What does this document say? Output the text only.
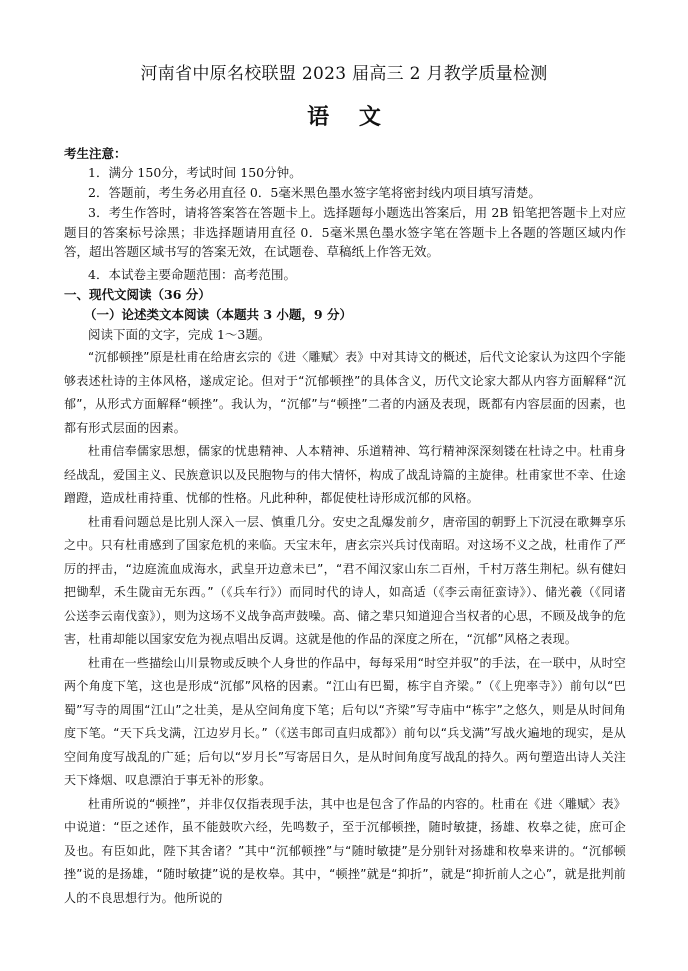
河南省中原名校联盟 2023 届高三 2 月教学质量检测
语 文
考生注意：
1．满分 150分，考试时间 150分钟。
2．答题前，考生务必用直径 0．5毫米黑色墨水签字笔将密封线内项目填写清楚。
3．考生作答时，请将答案答在答题卡上。选择题每小题选出答案后，用 2B 铅笔把答题卡上对应题目的答案标号涂黑；非选择题请用直径 0．5毫米黑色墨水签字笔在答题卡上各题的答题区域内作答，超出答题区域书写的答案无效，在试题卷、草稿纸上作答无效。
4．本试卷主要命题范围：高考范围。
一、现代文阅读（36 分）
（一）论述类文本阅读（本题共 3 小题，9 分）
阅读下面的文字，完成 1～3题。

“沉郁顿挫”原是杜甫在给唐玄宗的《进〈雕赋〉表》中对其诗文的概述，后代文论家认为这四个字能够表述杜诗的主体风格，遂成定论。但对于“沉郁顿挫”的具体含义，历代文论家大都从内容方面解释“沉郁”，从形式方面解释“顿挫”。我认为，“沉郁”与“顿挫”二者的内涵及表现，既都有内容层面的因素，也都有形式层面的因素。

杜甫信奉儒家思想，儒家的忧患精神、人本精神、乐道精神、笃行精神深深刻镂在杜诗之中。杜甫身经战乱，爱国主义、民族意识以及民胞物与的伟大情怀，构成了战乱诗篇的主旋律。杜甫家世不幸、仕途蹭蹬，造成杜甫持重、忧郁的性格。凡此种种，都促使杜诗形成沉郁的风格。

杜甫看问题总是比别人深入一层、慎重几分。安史之乱爆发前夕，唐帝国的朝野上下沉浸在歌舞享乐之中。只有杜甫感到了国家危机的来临。天宝末年，唐玄宗兴兵讨伐南昭。对这场不义之战，杜甫作了严厉的抨击，“边庭流血成海水，武皇开边意未已”，“君不闻汉家山东二百州，千村万落生荆杞。纵有健妇把锄犁，禾生陇亩无东西。”（《兵车行》）而同时代的诗人，如高适（《李云南征蛮诗》）、储光羲（《同诸公送李云南伐蛮》），则为这场不义战争高声鼓噪。高、储之辈只知道迎合当权者的心思，不顾及战争的危害，杜甫却能以国家安危为视点唱出反调。这就是他的作品的深度之所在，“沉郁”风格之表现。

杜甫在一些描绘山川景物或反映个人身世的作品中，每每采用“时空并驭”的手法，在一联中，从时空两个角度下笔，这也是形成“沉郁”风格的因素。“江山有巴蜀，栋宇自齐梁。”（《上兜率寺》）前句以“巴蜀”写寺的周围“江山”之壮美，是从空间角度下笔；后句以“齐梁”写寺庙中“栋宇”之悠久，则是从时间角度下笔。“天下兵戈满，江边岁月长。”（《送韦郎司直归成都》）前句以“兵戈满”写战火遍地的现实，是从空间角度写战乱的广延；后句以“岁月长”写寄居日久，是从时间角度写战乱的持久。两句塑造出诗人关注天下烽烟、叹息漂泊于事无补的形象。

杜甫所说的“顿挫”，并非仅仅指表现手法，其中也是包含了作品的内容的。杜甫在《进〈雕赋〉表》中说道：“臣之述作，虽不能鼓吹六经，先鸣数子，至于沉郁顿挫，随时敏捷，扬雄、枚皋之徒，庶可企及也。有臣如此，陛下其舍诸？”其中“沉郁顿挫”与“随时敏捷”是分别针对扬雄和枚皋来讲的。“沉郁顿挫”说的是扬雄，“随时敏捷”说的是枚皋。其中，“顿挫”就是“抑折”，就是“抑折前人之心”，就是批判前人的不良思想行为。他所说的
